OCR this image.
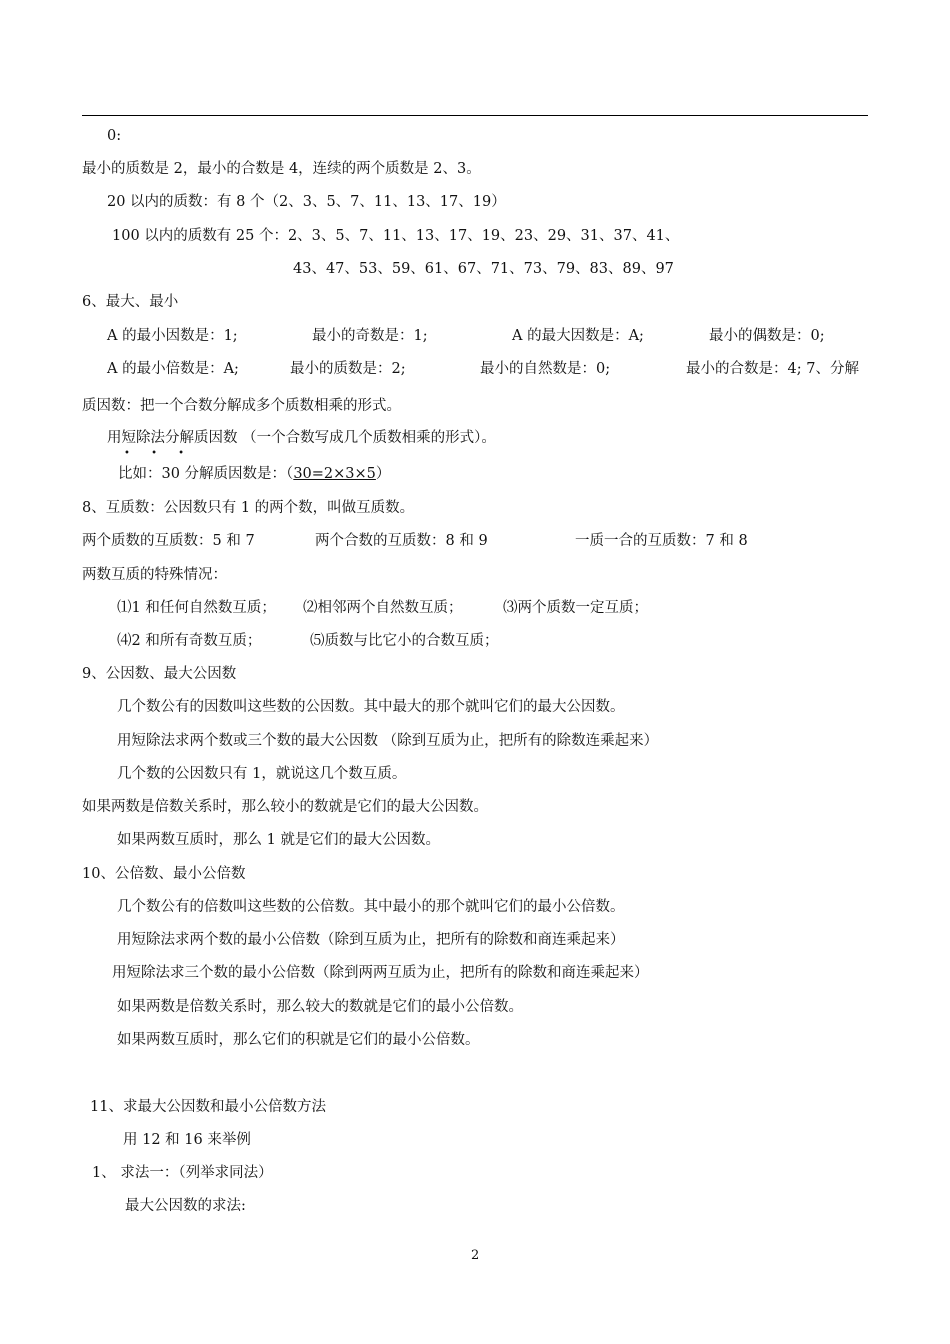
0:
最小的质数是 2，最小的合数是 4，连续的两个质数是 2、3。
20 以内的质数：有 8 个（2、3、5、7、11、13、17、19）
100 以内的质数有 25 个：2、3、5、7、11、13、17、19、23、29、31、37、41、
43、47、53、59、61、67、71、73、79、83、89、97
6、最大、最小
A 的最小因数是：1;	最小的奇数是：1;	A 的最大因数是：A;	最小的偶数是：0;
A 的最小倍数是：A;	最小的质数是：2;	最小的自然数是：0;	最小的合数是：4; 7、分解
质因数：把一个合数分解成多个质数相乘的形式。
用短除法分解质因数 （一个合数写成几个质数相乘的形式）。
• • •
比如：30 分解质因数是：（30=2×3×5）
8、互质数：公因数只有 1 的两个数，叫做互质数。
两个质数的互质数：5 和 7	两个合数的互质数：8 和 9	一质一合的互质数：7 和 8
两数互质的特殊情况：
⑴1 和任何自然数互质； ⑵相邻两个自然数互质；	⑶两个质数一定互质；
⑷2 和所有奇数互质；	⑸质数与比它小的合数互质；
9、公因数、最大公因数
几个数公有的因数叫这些数的公因数。其中最大的那个就叫它们的最大公因数。
用短除法求两个数或三个数的最大公因数 （除到互质为止，把所有的除数连乘起来）
几个数的公因数只有 1，就说这几个数互质。
如果两数是倍数关系时，那么较小的数就是它们的最大公因数。
如果两数互质时，那么 1 就是它们的最大公因数。
10、公倍数、最小公倍数
几个数公有的倍数叫这些数的公倍数。其中最小的那个就叫它们的最小公倍数。
用短除法求两个数的最小公倍数（除到互质为止，把所有的除数和商连乘起来）
用短除法求三个数的最小公倍数（除到两两互质为止，把所有的除数和商连乘起来）
如果两数是倍数关系时，那么较大的数就是它们的最小公倍数。
如果两数互质时，那么它们的积就是它们的最小公倍数。
11、求最大公因数和最小公倍数方法
用 12 和 16 来举例
1、 求法一：（列举求同法）
最大公因数的求法:
2
